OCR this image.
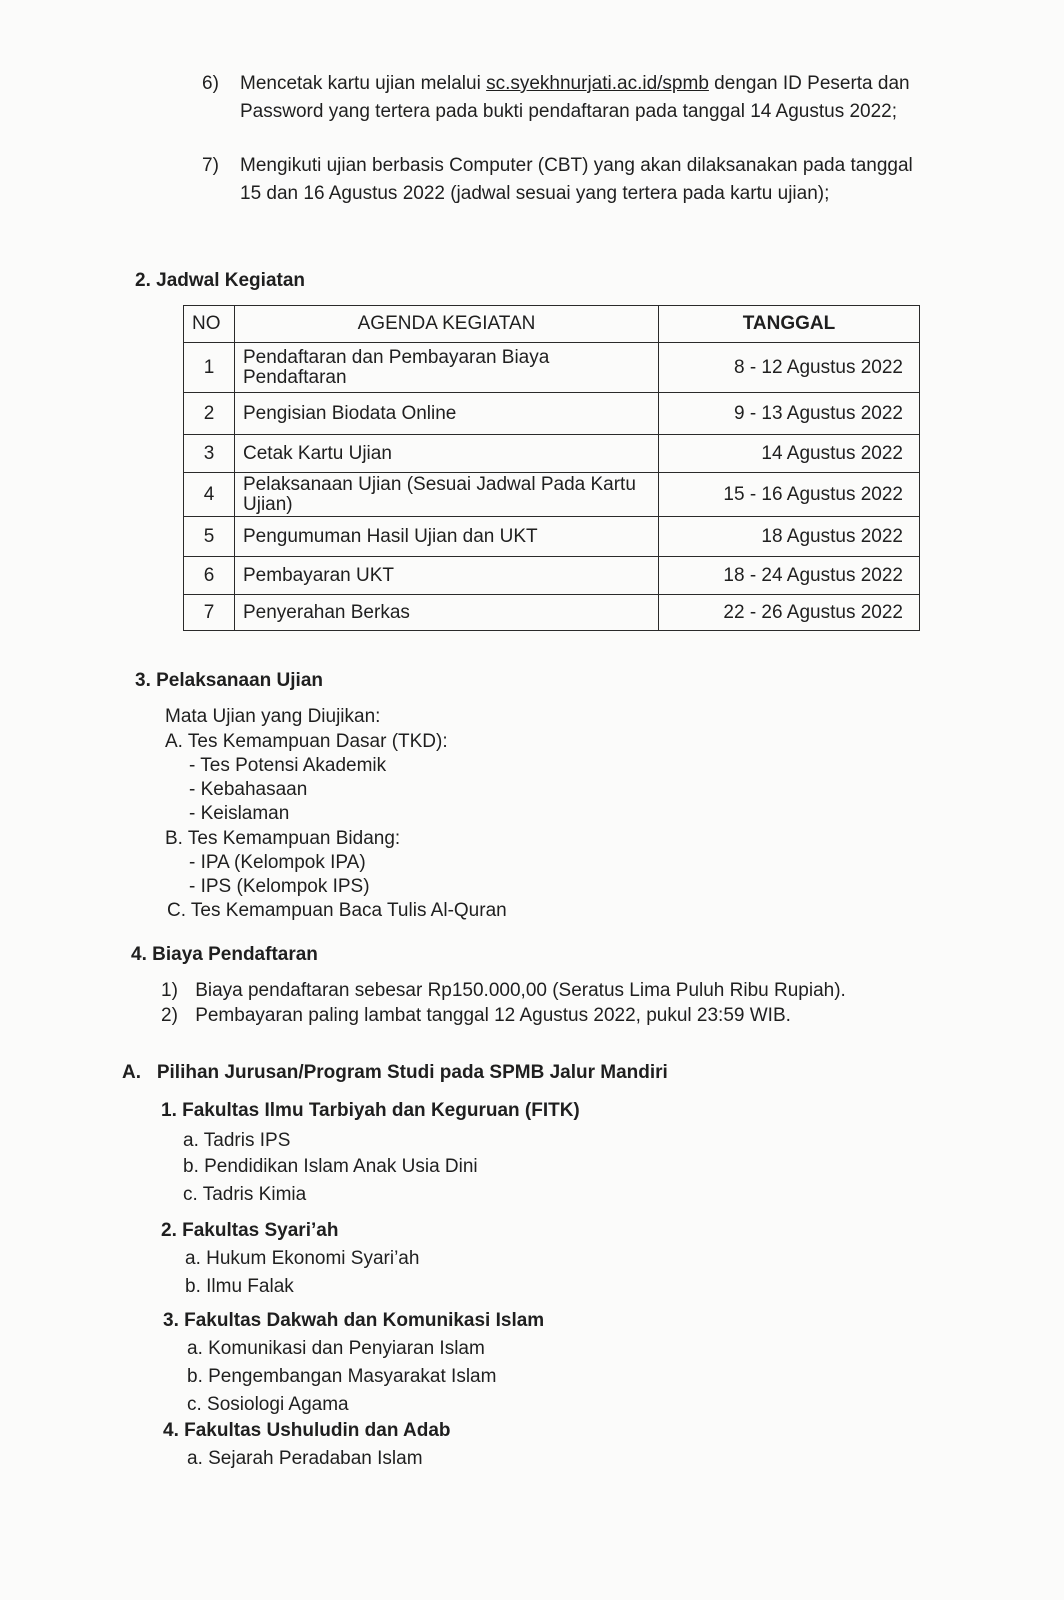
6) Mencetak kartu ujian melalui sc.syekhnurjati.ac.id/spmb dengan ID Peserta dan Password yang tertera pada bukti pendaftaran pada tanggal 14 Agustus 2022;
7) Mengikuti ujian berbasis Computer (CBT) yang akan dilaksanakan pada tanggal 15 dan 16 Agustus 2022 (jadwal sesuai yang tertera pada kartu ujian);
2. Jadwal Kegiatan
NO	AGENDA KEGIATAN	TANGGAL
1	Pendaftaran dan Pembayaran Biaya Pendaftaran	8 - 12 Agustus 2022
2	Pengisian Biodata Online	9 - 13 Agustus 2022
3	Cetak Kartu Ujian	14 Agustus 2022
4	Pelaksanaan Ujian (Sesuai Jadwal Pada Kartu Ujian)	15 - 16 Agustus 2022
5	Pengumuman Hasil Ujian dan UKT	18 Agustus 2022
6	Pembayaran UKT	18 - 24 Agustus 2022
7	Penyerahan Berkas	22 - 26 Agustus 2022
3. Pelaksanaan Ujian
Mata Ujian yang Diujikan:
A. Tes Kemampuan Dasar (TKD):
- Tes Potensi Akademik
- Kebahasaan
- Keislaman
B. Tes Kemampuan Bidang:
- IPA (Kelompok IPA)
- IPS (Kelompok IPS)
C. Tes Kemampuan Baca Tulis Al-Quran
4. Biaya Pendaftaran
1) Biaya pendaftaran sebesar Rp150.000,00 (Seratus Lima Puluh Ribu Rupiah).
2) Pembayaran paling lambat tanggal 12 Agustus 2022, pukul 23:59 WIB.
A.   Pilihan Jurusan/Program Studi pada SPMB Jalur Mandiri
1. Fakultas Ilmu Tarbiyah dan Keguruan (FITK)
a. Tadris IPS
b. Pendidikan Islam Anak Usia Dini
c. Tadris Kimia
2. Fakultas Syari’ah
a. Hukum Ekonomi Syari’ah
b. Ilmu Falak
3. Fakultas Dakwah dan Komunikasi Islam
a. Komunikasi dan Penyiaran Islam
b. Pengembangan Masyarakat Islam
c. Sosiologi Agama
4. Fakultas Ushuludin dan Adab
a. Sejarah Peradaban Islam
